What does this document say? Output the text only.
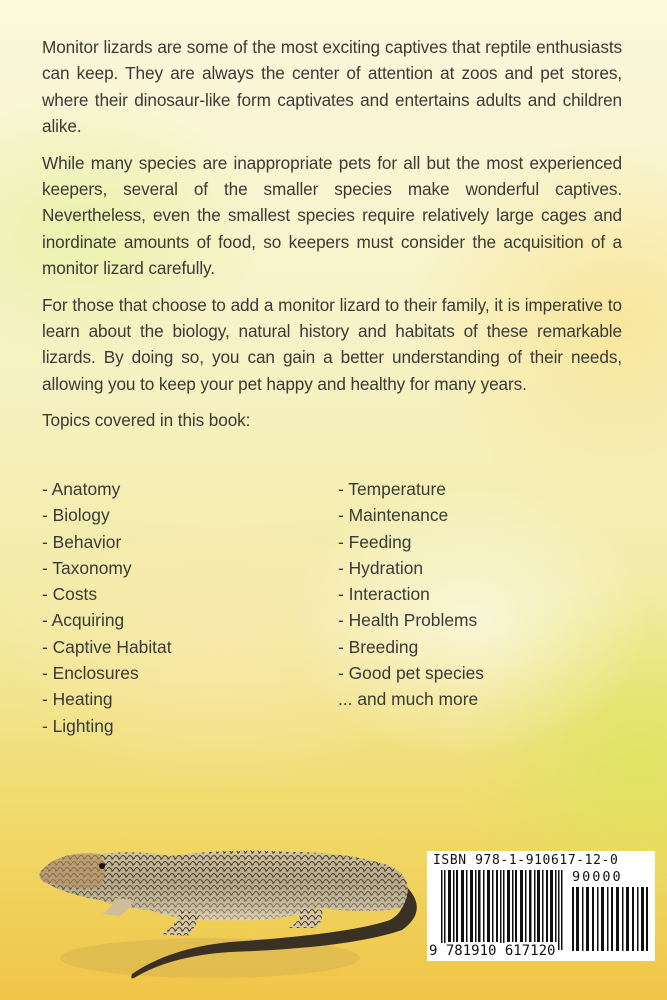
Monitor lizards are some of the most exciting captives that reptile enthusiasts can keep. They are always the center of attention at zoos and pet stores, where their dinosaur-like form captivates and entertains adults and children alike.

While many species are inappropriate pets for all but the most experienced keepers, several of the smaller species make wonderful captives. Nevertheless, even the smallest species require relatively large cages and inordinate amounts of food, so keepers must consider the acquisition of a monitor lizard carefully.

For those that choose to add a monitor lizard to their family, it is imperative to learn about the biology, natural history and habitats of these remarkable lizards. By doing so, you can gain a better understanding of their needs, allowing you to keep your pet happy and healthy for many years.

Topics covered in this book:

- Anatomy
- Biology
- Behavior
- Taxonomy
- Costs
- Acquiring
- Captive Habitat
- Enclosures
- Heating
- Lighting
- Temperature
- Maintenance
- Feeding
- Hydration
- Interaction
- Health Problems
- Breeding
- Good pet species
... and much more
ISBN 978-1-910617-12-0
90000
9 781910 617120
